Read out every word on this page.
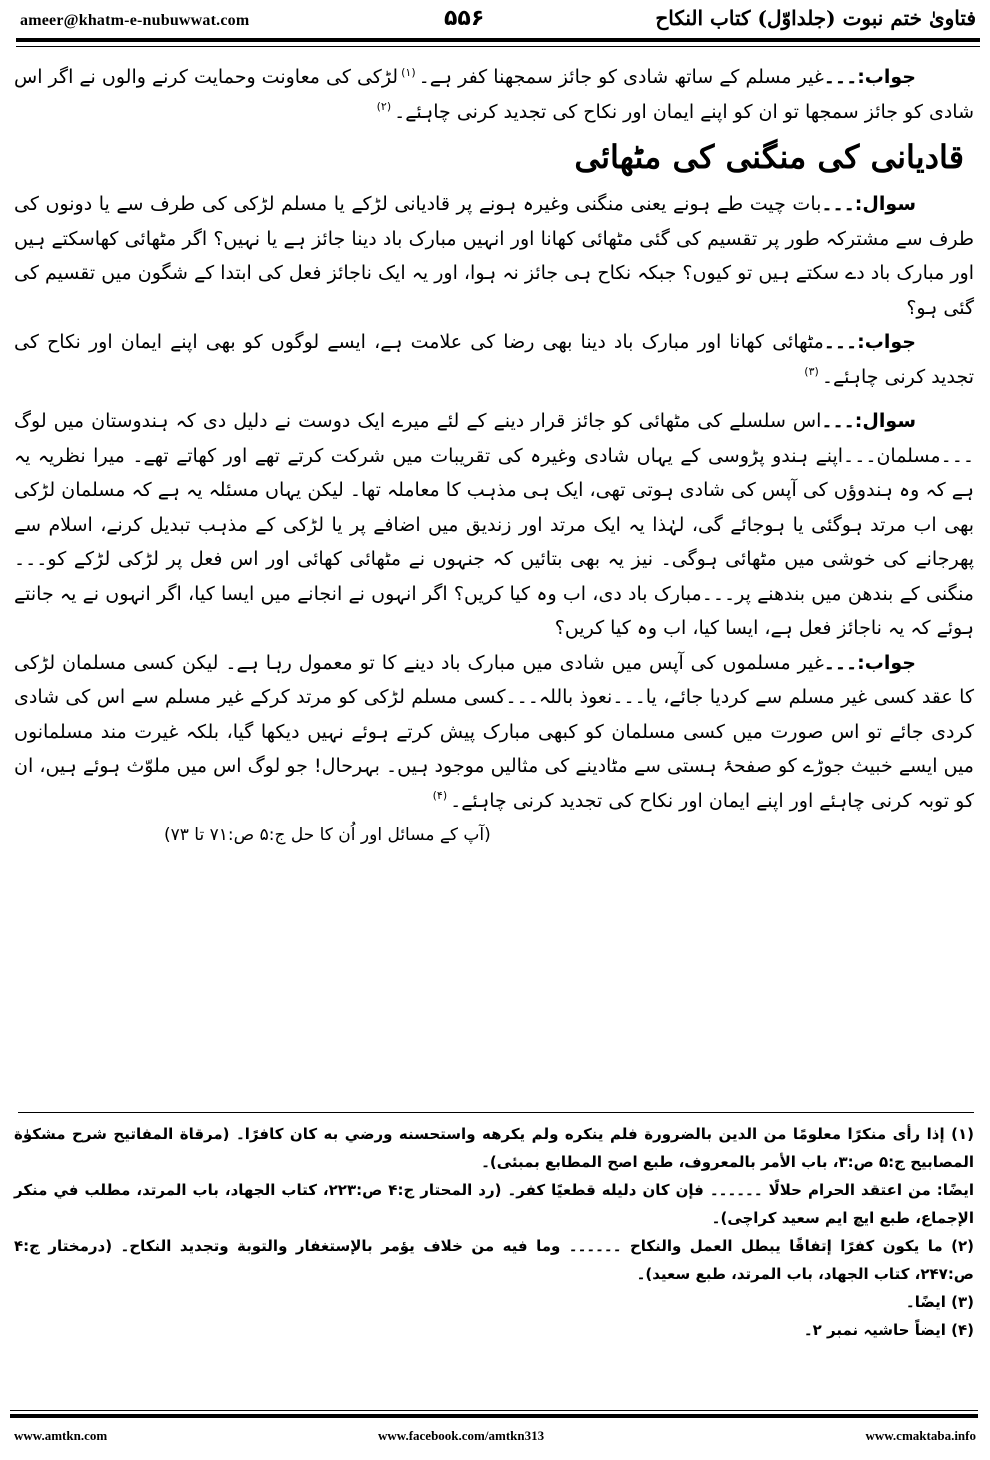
ameer@khatm-e-nubuwwat.com	۵۵۶	فتاویٰ ختم نبوت (جلداوّل) کتاب النکاح

جواب:۔۔۔غیر مسلم کے ساتھ شادی کو جائز سمجھنا کفر ہے۔$^{(۱)}$لڑکی کی معاونت وحمایت کرنے والوں نے اگر اس شادی کو جائز سمجھا تو ان کو اپنے ایمان اور نکاح کی تجدید کرنی چاہئے۔$^{(۲)}$

قادیانی کی منگنی کی مٹھائی

سوال:۔۔۔بات چیت طے ہونے یعنی منگنی وغیرہ ہونے پر قادیانی لڑکے یا مسلم لڑکی کی طرف سے یا دونوں کی طرف سے مشترکہ طور پر تقسیم کی گئی مٹھائی کھانا اور انہیں مبارک باد دینا جائز ہے یا نہیں؟ اگر مٹھائی کھاسکتے ہیں اور مبارک باد دے سکتے ہیں تو کیوں؟ جبکہ نکاح ہی جائز نہ ہوا، اور یہ ایک ناجائز فعل کی ابتدا کے شگون میں تقسیم کی گئی ہو؟

جواب:۔۔۔مٹھائی کھانا اور مبارک باد دینا بھی رضا کی علامت ہے، ایسے لوگوں کو بھی اپنے ایمان اور نکاح کی تجدید کرنی چاہئے۔$^{(۳)}$

سوال:۔۔۔اس سلسلے کی مٹھائی کو جائز قرار دینے کے لئے میرے ایک دوست نے دلیل دی کہ ہندوستان میں لوگ ۔۔۔مسلمان۔۔۔اپنے ہندو پڑوسی کے یہاں شادی وغیرہ کی تقریبات میں شرکت کرتے تھے اور کھاتے تھے۔ میرا نظریہ یہ ہے کہ وہ ہندوؤں کی آپس کی شادی ہوتی تھی، ایک ہی مذہب کا معاملہ تھا۔ لیکن یہاں مسئلہ یہ ہے کہ مسلمان لڑکی بھی اب مرتد ہوگئی یا ہوجائے گی، لہٰذا یہ ایک مرتد اور زندیق میں اضافے پر یا لڑکی کے مذہب تبدیل کرنے، اسلام سے پھرجانے کی خوشی میں مٹھائی ہوگی۔ نیز یہ بھی بتائیں کہ جنہوں نے مٹھائی کھائی اور اس فعل پر لڑکی لڑکے کو۔۔۔منگنی کے بندھن میں بندھنے پر۔۔۔مبارک باد دی، اب وہ کیا کریں؟ اگر انہوں نے انجانے میں ایسا کیا، اگر انہوں نے یہ جانتے ہوئے کہ یہ ناجائز فعل ہے، ایسا کیا، اب وہ کیا کریں؟

جواب:۔۔۔غیر مسلموں کی آپس میں شادی میں مبارک باد دینے کا تو معمول رہا ہے۔ لیکن کسی مسلمان لڑکی کا عقد کسی غیر مسلم سے کردیا جائے، یا۔۔۔نعوذ باللہ۔۔۔کسی مسلم لڑکی کو مرتد کرکے غیر مسلم سے اس کی شادی کردی جائے تو اس صورت میں کسی مسلمان کو کبھی مبارک پیش کرتے ہوئے نہیں دیکھا گیا، بلکہ غیرت مند مسلمانوں میں ایسے خبیث جوڑے کو صفحۂ ہستی سے مٹادینے کی مثالیں موجود ہیں۔ بہرحال! جو لوگ اس میں ملوّث ہوئے ہیں، ان کو توبہ کرنی چاہئے اور اپنے ایمان اور نکاح کی تجدید کرنی چاہئے۔$^{(۴)}$

(آپ کے مسائل اور اُن کا حل ج:۵ ص:۷۱ تا ۷۳)

(۱) إذا رأى منكرًا معلومًا من الدين بالضرورة فلم ينكره ولم يكرهه واستحسنه ورضي به كان كافرًا۔ (مرقاة المفاتيح شرح مشكوٰة المصابيح ج:۵ ص:۳، باب الأمر بالمعروف، طبع اصح المطابع بمبئی)۔

ایضًا: من اعتقد الحرام حلالًا ۔۔۔۔۔۔ فإن كان دليله قطعيًا كفر۔ (رد المحتار ج:۴ ص:۲۲۳، كتاب الجهاد، باب المرتد، مطلب في منكر الإجماع، طبع ایچ ایم سعید کراچی)۔

(۲) ما يكون كفرًا إتفاقًا يبطل العمل والنكاح ۔۔۔۔۔۔ وما فيه من خلاف يؤمر بالإستغفار والتوبة وتجديد النكاح۔ (درمختار ج:۴ ص:۲۴۷، كتاب الجهاد، باب المرتد، طبع سعيد)۔

(۳) ایضًا۔

(۴) ایضاً حاشیہ نمبر ۲۔

www.amtkn.com	www.facebook.com/amtkn313	www.cmaktaba.info
